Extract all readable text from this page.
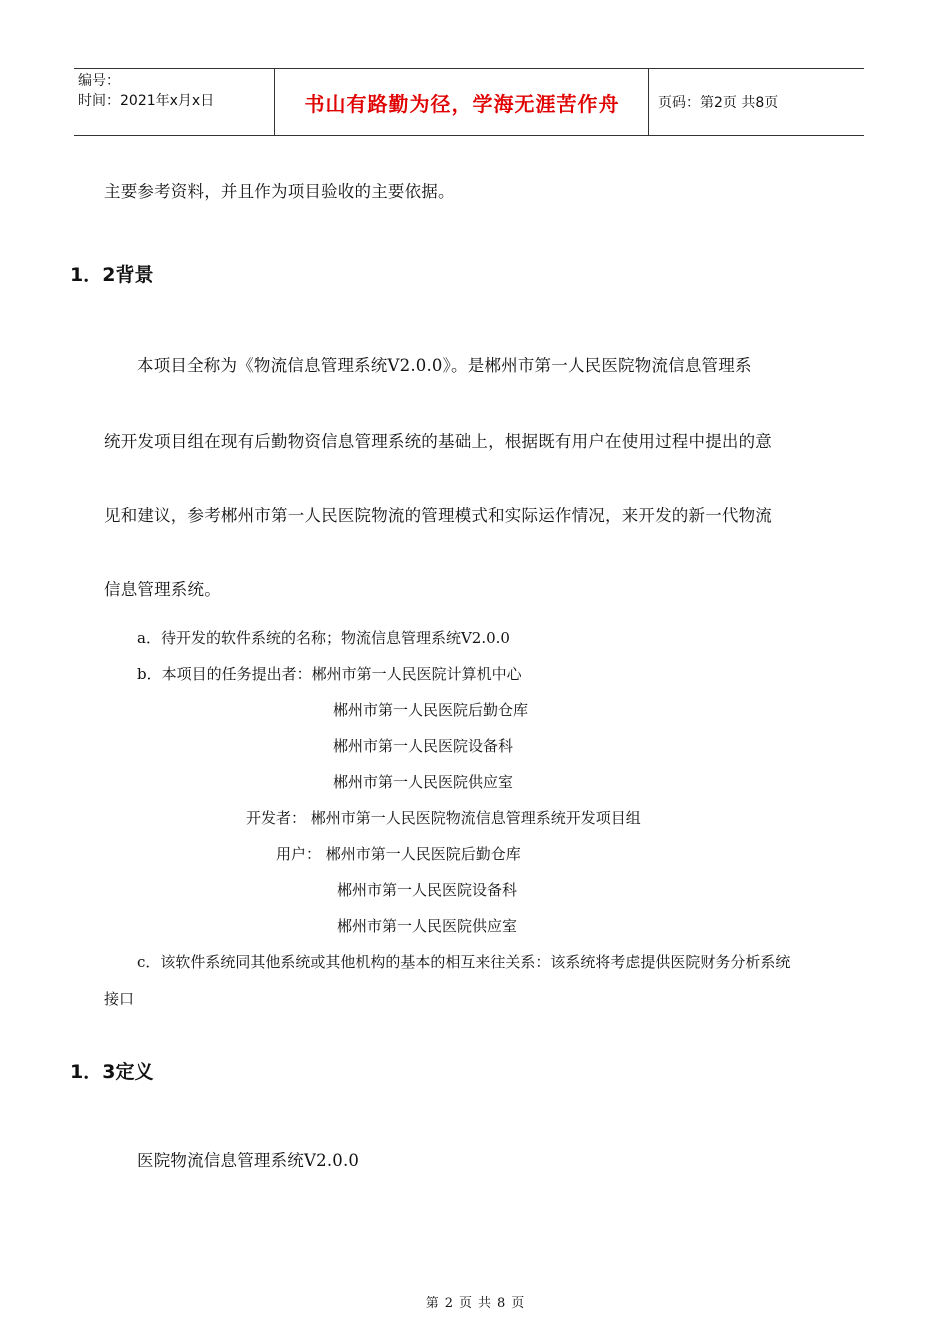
编号：
时间：2021年x月x日	书山有路勤为径，学海无涯苦作舟	页码：第2页 共8页
主要参考资料，并且作为项目验收的主要依据。
1．2背景
本项目全称为《物流信息管理系统V2.0.0》。是郴州市第一人民医院物流信息管理系
统开发项目组在现有后勤物资信息管理系统的基础上，根据既有用户在使用过程中提出的意
见和建议，参考郴州市第一人民医院物流的管理模式和实际运作情况，来开发的新一代物流
信息管理系统。
a．待开发的软件系统的名称；物流信息管理系统V2.0.0
b．本项目的任务提出者：郴州市第一人民医院计算机中心
郴州市第一人民医院后勤仓库
郴州市第一人民医院设备科
郴州市第一人民医院供应室
开发者： 郴州市第一人民医院物流信息管理系统开发项目组
用户： 郴州市第一人民医院后勤仓库
郴州市第一人民医院设备科
郴州市第一人民医院供应室
c．该软件系统同其他系统或其他机构的基本的相互来往关系：该系统将考虑提供医院财务分析系统
接口
1．3定义
医院物流信息管理系统V2.0.0
第 2 页 共 8 页
